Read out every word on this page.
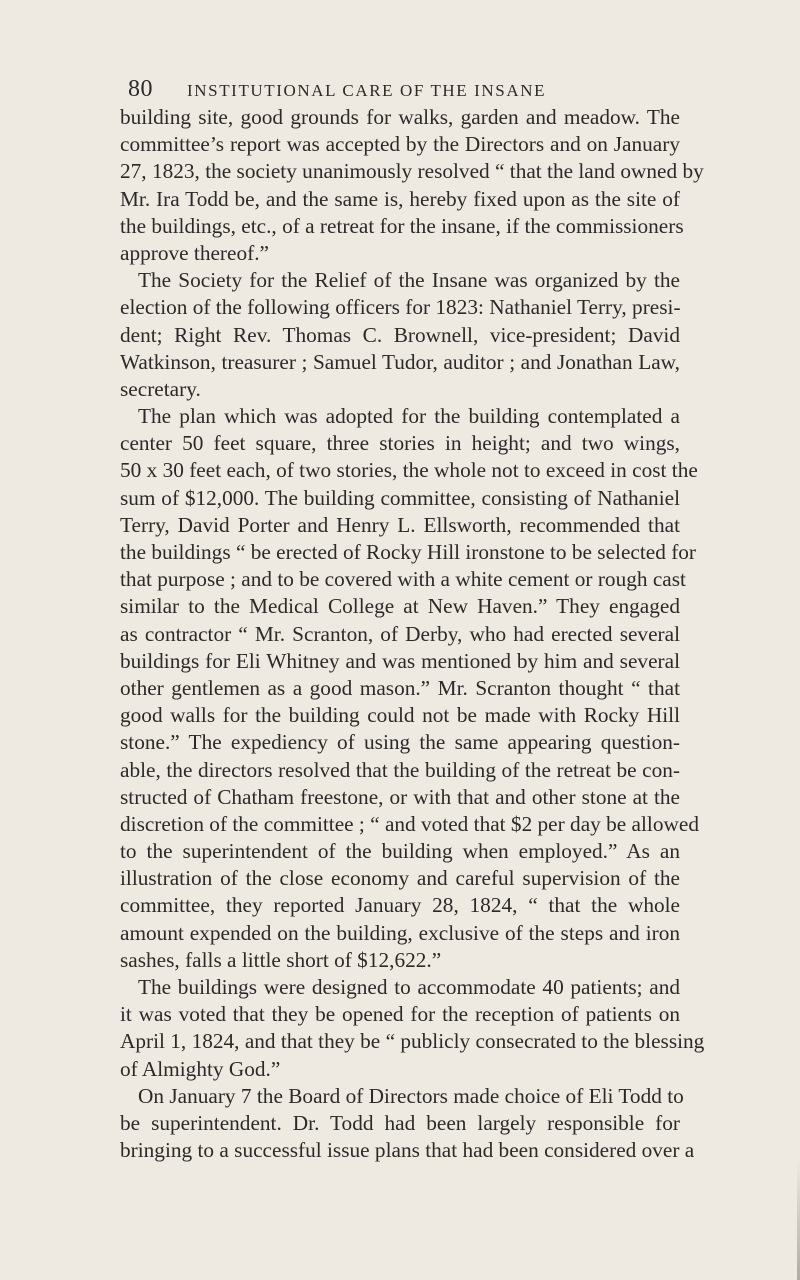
80 INSTITUTIONAL CARE OF THE INSANE
building site, good grounds for walks, garden and meadow. The
committee’s report was accepted by the Directors and on January
27, 1823, the society unanimously resolved “ that the land owned by
Mr. Ira Todd be, and the same is, hereby fixed upon as the site of
the buildings, etc., of a retreat for the insane, if the commissioners
approve thereof.”
The Society for the Relief of the Insane was organized by the
election of the following officers for 1823: Nathaniel Terry, presi-
dent; Right Rev. Thomas C. Brownell, vice-president; David
Watkinson, treasurer ; Samuel Tudor, auditor ; and Jonathan Law,
secretary.
The plan which was adopted for the building contemplated a
center 50 feet square, three stories in height; and two wings,
50 x 30 feet each, of two stories, the whole not to exceed in cost the
sum of $12,000. The building committee, consisting of Nathaniel
Terry, David Porter and Henry L. Ellsworth, recommended that
the buildings “ be erected of Rocky Hill ironstone to be selected for
that purpose ; and to be covered with a white cement or rough cast
similar to the Medical College at New Haven.” They engaged
as contractor “ Mr. Scranton, of Derby, who had erected several
buildings for Eli Whitney and was mentioned by him and several
other gentlemen as a good mason.” Mr. Scranton thought “ that
good walls for the building could not be made with Rocky Hill
stone.” The expediency of using the same appearing question-
able, the directors resolved that the building of the retreat be con-
structed of Chatham freestone, or with that and other stone at the
discretion of the committee ; “ and voted that $2 per day be allowed
to the superintendent of the building when employed.” As an
illustration of the close economy and careful supervision of the
committee, they reported January 28, 1824, “ that the whole
amount expended on the building, exclusive of the steps and iron
sashes, falls a little short of $12,622.”
The buildings were designed to accommodate 40 patients; and
it was voted that they be opened for the reception of patients on
April 1, 1824, and that they be “ publicly consecrated to the blessing
of Almighty God.”
On January 7 the Board of Directors made choice of Eli Todd to
be superintendent. Dr. Todd had been largely responsible for
bringing to a successful issue plans that had been considered over a
